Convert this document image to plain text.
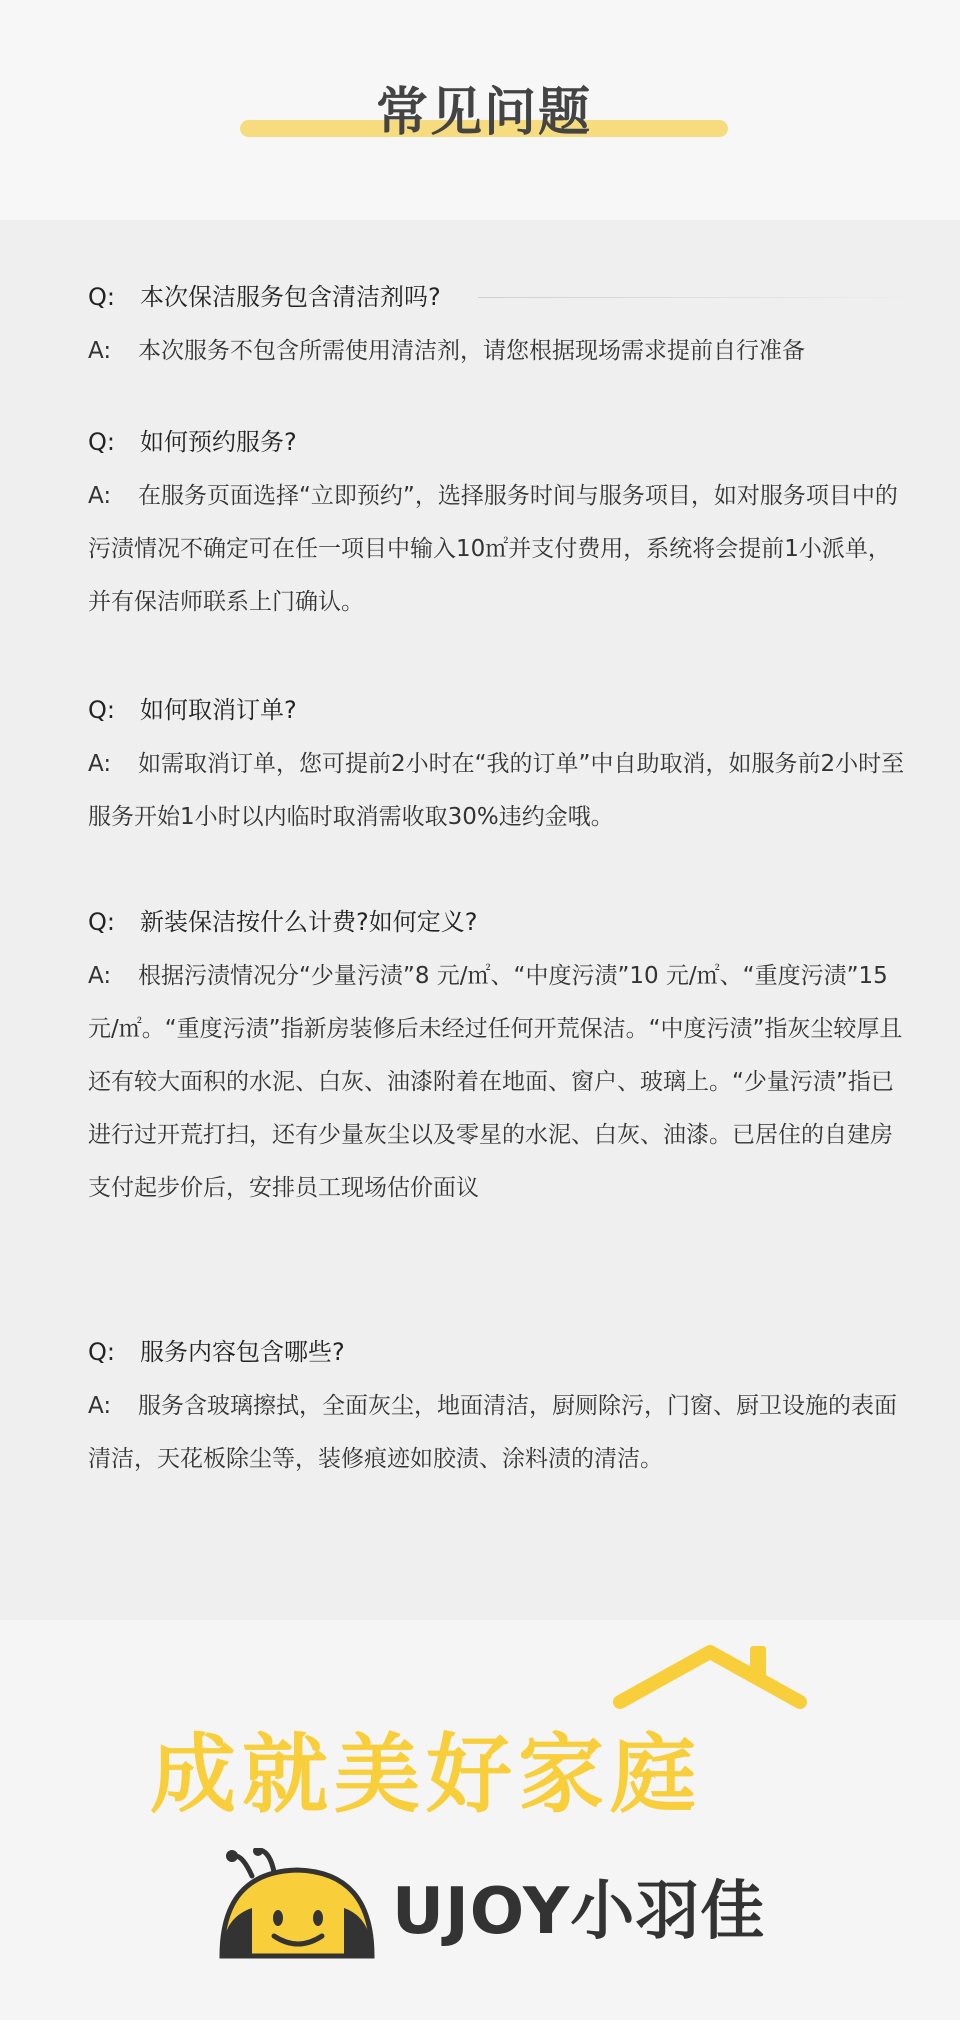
常见问题
Q: 本次保洁服务包含清洁剂吗?
A: 本次服务不包含所需使用清洁剂，请您根据现场需求提前自行准备
Q: 如何预约服务?
A: 在服务页面选择“立即预约”，选择服务时间与服务项目，如对服务项目中的污渍情况不确定可在任一项目中输入10㎡并支付费用，系统将会提前1小派单，并有保洁师联系上门确认。
Q: 如何取消订单?
A: 如需取消订单，您可提前2小时在“我的订单”中自助取消，如服务前2小时至服务开始1小时以内临时取消需收取30%违约金哦。
Q: 新装保洁按什么计费?如何定义?
A: 根据污渍情况分“少量污渍”8 元/㎡、“中度污渍”10 元/㎡、“重度污渍”15 元/㎡。“重度污渍”指新房装修后未经过任何开荒保洁。“中度污渍”指灰尘较厚且还有较大面积的水泥、白灰、油漆附着在地面、窗户、玻璃上。“少量污渍”指已进行过开荒打扫，还有少量灰尘以及零星的水泥、白灰、油漆。已居住的自建房支付起步价后，安排员工现场估价面议
Q: 服务内容包含哪些?
A: 服务含玻璃擦拭，全面灰尘，地面清洁，厨厕除污，门窗、厨卫设施的表面清洁，天花板除尘等，装修痕迹如胶渍、涂料渍的清洁。
成就美好家庭
UJOY小羽佳
